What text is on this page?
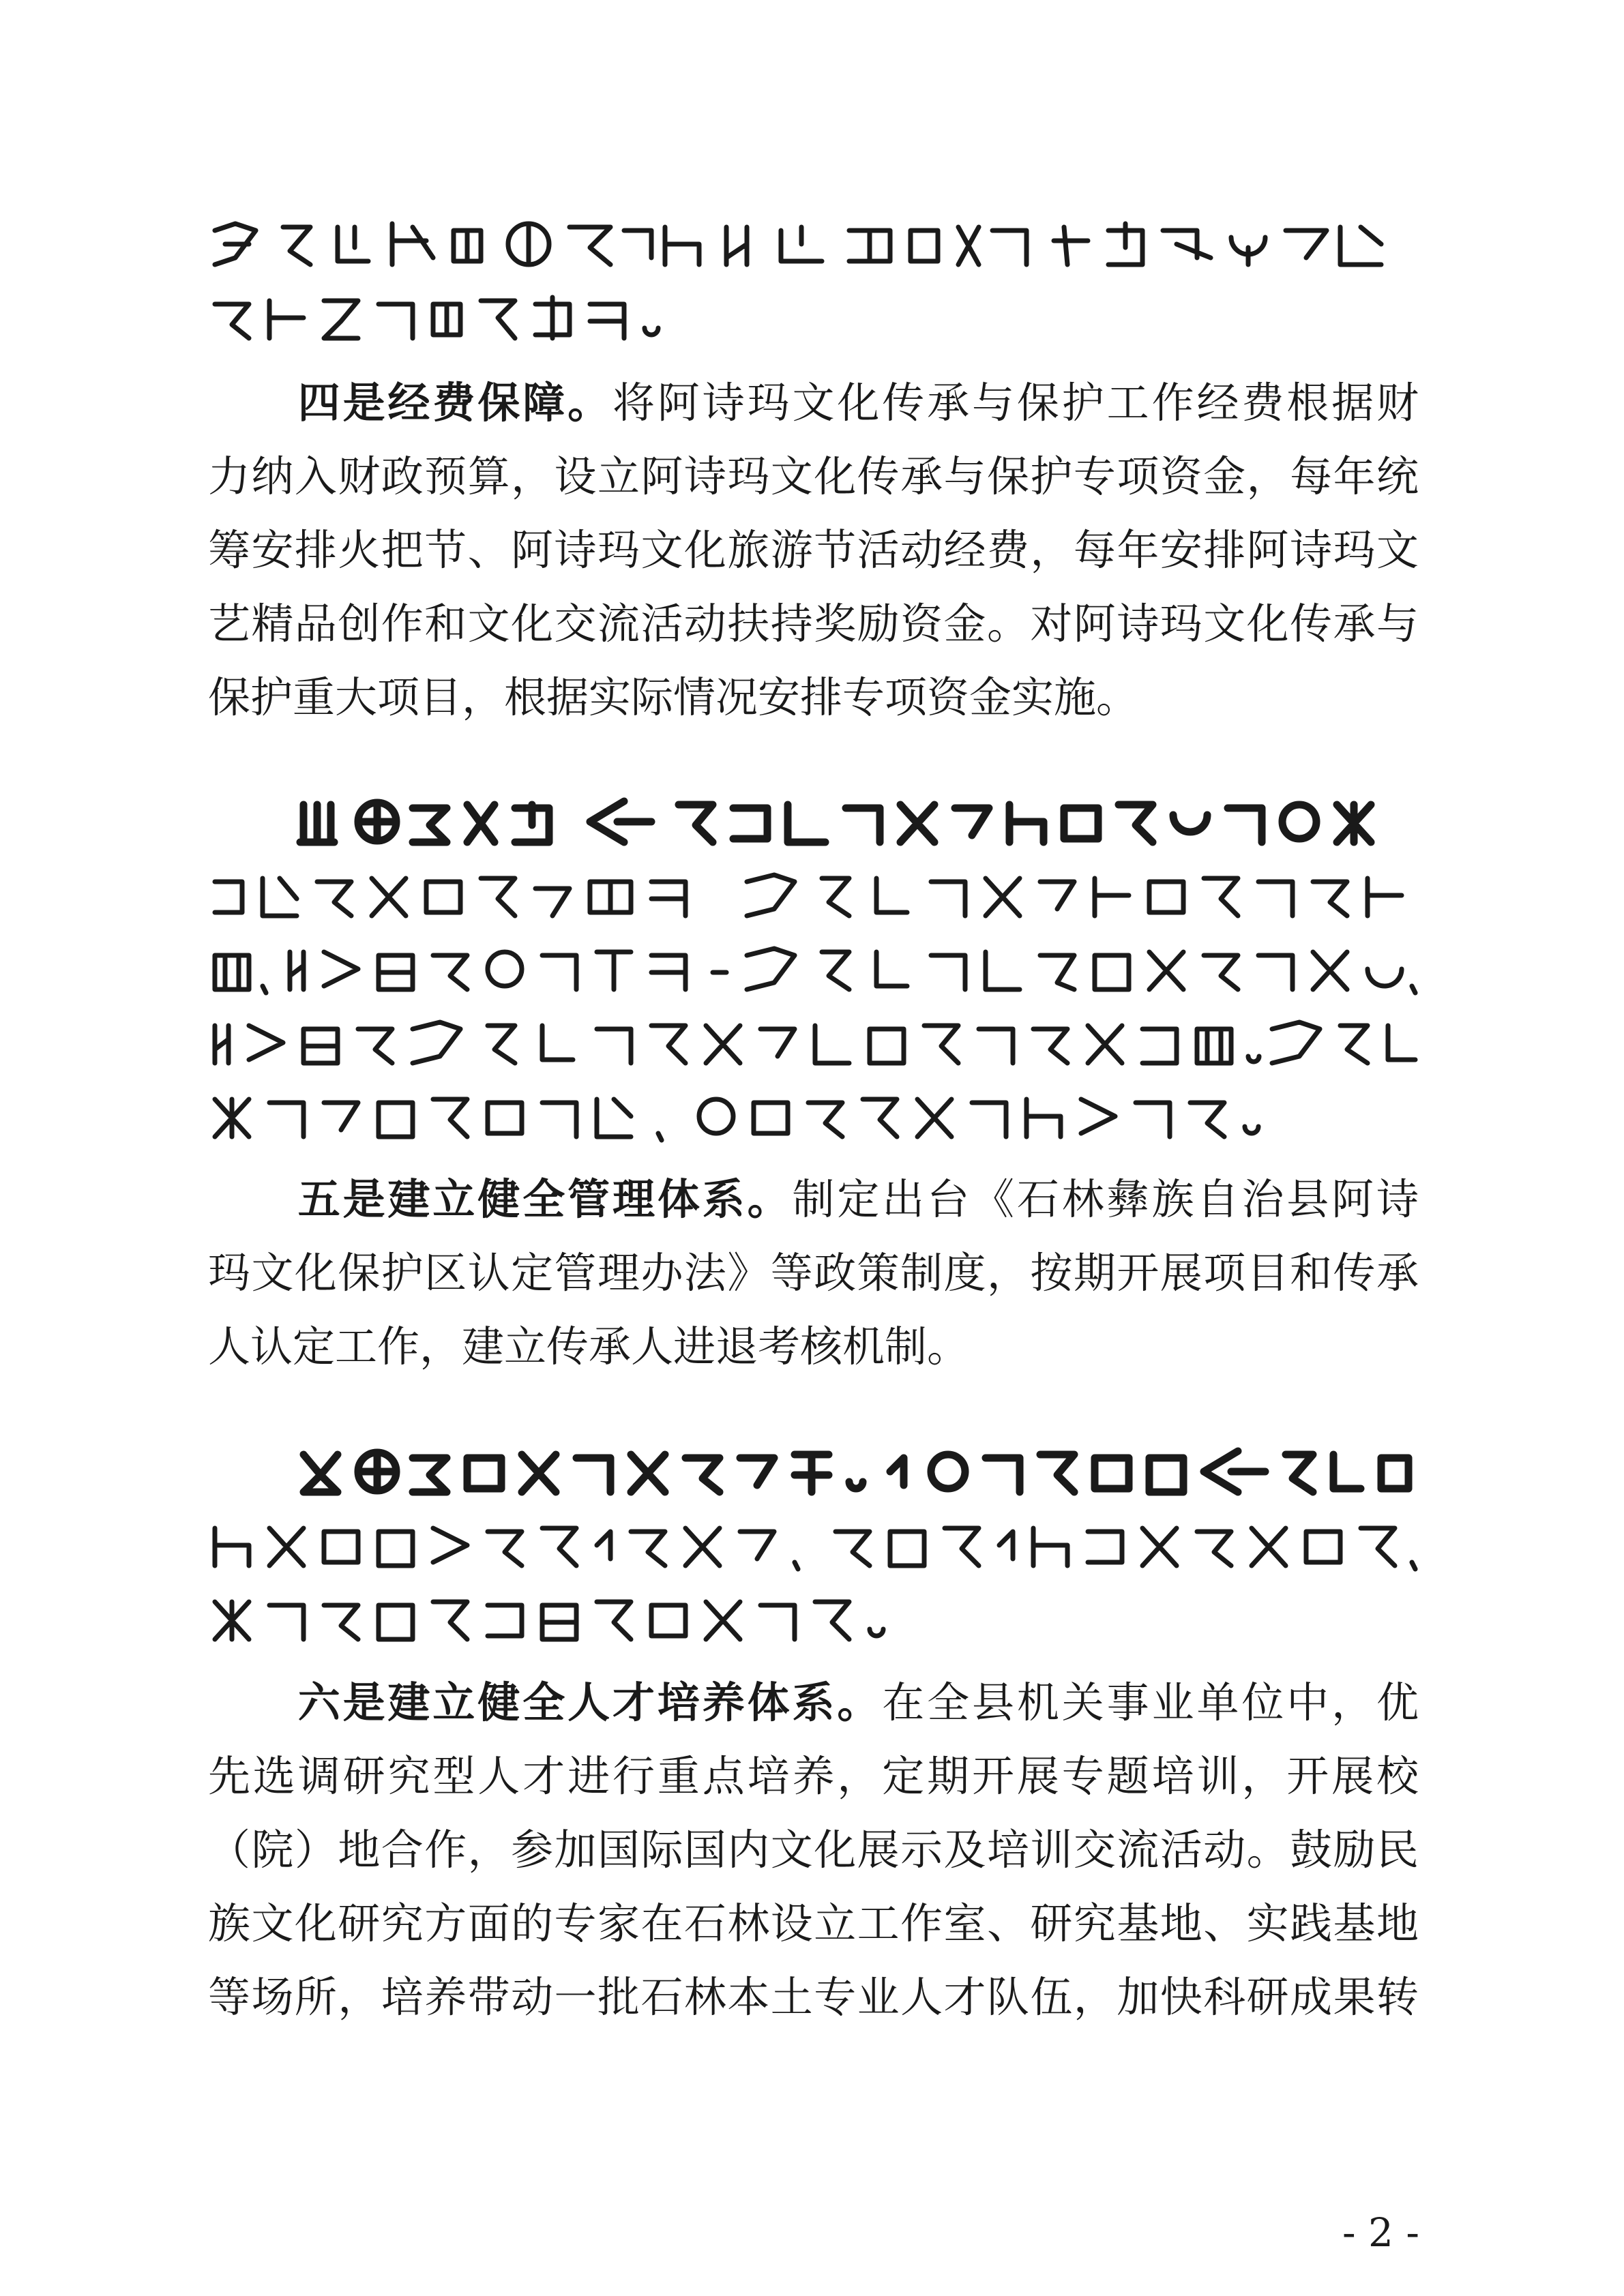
　　四是经费保障。将阿诗玛文化传承与保护工作经费根据财
力纳入财政预算，设立阿诗玛文化传承与保护专项资金，每年统
筹安排火把节、阿诗玛文化旅游节活动经费，每年安排阿诗玛文
艺精品创作和文化交流活动扶持奖励资金。对阿诗玛文化传承与
保护重大项目，根据实际情况安排专项资金实施。
　　五是建立健全管理体系。制定出台《石林彝族自治县阿诗
玛文化保护区认定管理办法》等政策制度，按期开展项目和传承
人认定工作，建立传承人进退考核机制。
　　六是建立健全人才培养体系。在全县机关事业单位中，优
先选调研究型人才进行重点培养，定期开展专题培训，开展校
（院）地合作，参加国际国内文化展示及培训交流活动。鼓励民
族文化研究方面的专家在石林设立工作室、研究基地、实践基地
等场所，培养带动一批石林本土专业人才队伍，加快科研成果转
- 2 -
